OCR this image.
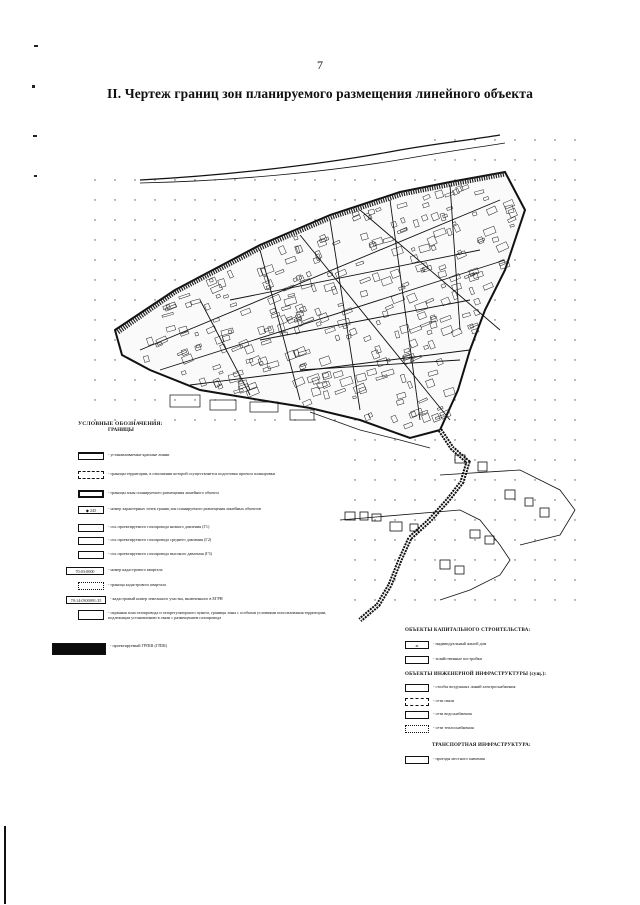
7
II. Чертеж границ зон планируемого размещения линейного объекта
УСЛОВНЫЕ ОБОЗНАЧЕНИЯ:
ГРАНИЦЫ
- устанавливаемые красные линии
- границы территории, в отношении которой осуществляется подготовка проекта планировки
- границы зоны планируемого размещения линейного объекта
◆ 245	- номер характерных точек границ зон планируемого размещения линейных объектов
- ось проектируемого газопровода низкого давления (Г1)
- ось проектируемого газопровода среднего давления (Г2)
- ось проектируемого газопровода высокого давления (Г3)
70:03:0000	- номер кадастрового квартала
- граница кадастрового квартала
70:14:0300091:35	- кадастровый номер земельного участка, включенного в ЕГРН
- охранная зона газопровода и газорегуляторного пункта, границы зоны с особыми условиями использования территории, подлежащая установлению в связи с размещением газопровода
- проектируемый ГРПШ (ГПШ)
ОБЪЕКТЫ КАПИТАЛЬНОГО СТРОИТЕЛЬСТВА:
ж	- индивидуальный жилой дом
- хозяйственные постройки
ОБЪЕКТЫ ИНЖЕНЕРНОЙ ИНФРАСТРУКТУРЫ (сущ.):
- столбы воздушных линий электроснабжения
- сети связи
- сети водоснабжения
- сети теплоснабжения
ТРАНСПОРТНАЯ ИНФРАСТРУКТУРА:
- проезды местного значения
